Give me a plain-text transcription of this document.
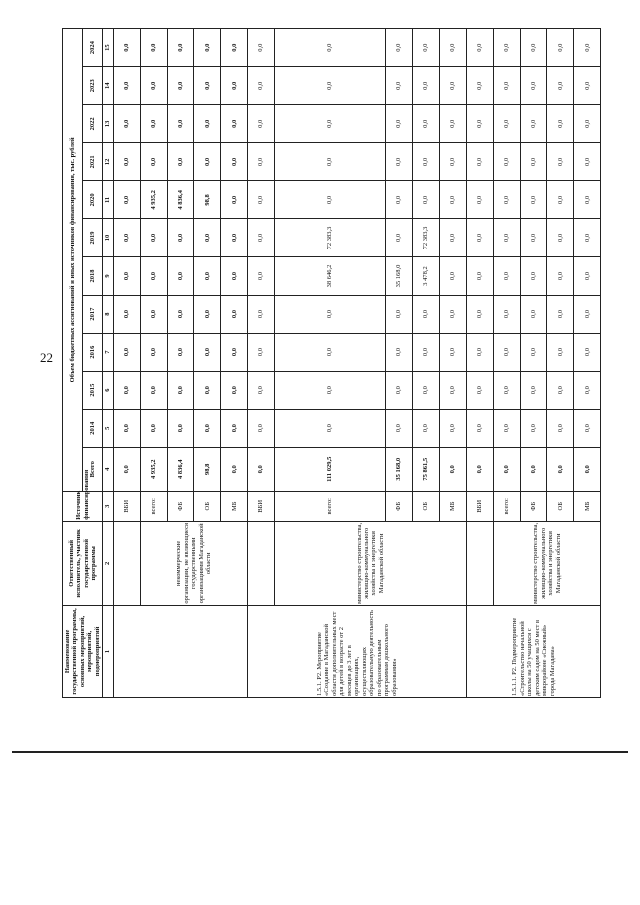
22
Наименование государственной программы, основных мероприятий, мероприятий, подмероприятий	Ответственный исполнитель, участник государственной программы	Источник финансирования	Объем бюджетных ассигнований и иных источников финансирования, тыс. рублей											
			Всего	2014	2015	2016	2017	2018	2019	2020	2021	2022	2023	2024
1	2	3	4	5	6	7	8	9	10	11	12	13	14	15
		ВБИ	0,0	0,0	0,0	0,0	0,0	0,0	0,0	0,0	0,0	0,0	0,0	0,0
	некоммерческие организации, не являющиеся государственными организациями Магаданской области	всего:	4 935,2	0,0	0,0	0,0	0,0	0,0	0,0	4 935,2	0,0	0,0	0,0	0,0
		ФБ	4 836,4	0,0	0,0	0,0	0,0	0,0	0,0	4 836,4	0,0	0,0	0,0	0,0
		ОБ	98,8	0,0	0,0	0,0	0,0	0,0	0,0	98,8	0,0	0,0	0,0	0,0
		МБ	0,0	0,0	0,0	0,0	0,0	0,0	0,0	0,0	0,0	0,0	0,0	0,0
1.5.1. Р2. Мероприятие «Создание в Магаданской области дополнительных мест для детей в возрасте от 2 месяцев до 3 лет в организациях, осуществляющих образовательную деятельность по образовательным программам дошкольного образования»		ВБИ	0,0	0,0	0,0	0,0	0,0	0,0	0,0	0,0	0,0	0,0	0,0	0,0
	министерство строительства, жилищно-коммунального хозяйства и энергетики Магаданской области	всего:	111 029,5	0,0	0,0	0,0	0,0	38 646,2	72 383,3	0,0	0,0	0,0	0,0	0,0
		ФБ	35 168,0	0,0	0,0	0,0	0,0	35 168,0	0,0	0,0	0,0	0,0	0,0	0,0
		ОБ	75 861,5	0,0	0,0	0,0	0,0	3 478,2	72 383,3	0,0	0,0	0,0	0,0	0,0
		МБ	0,0	0,0	0,0	0,0	0,0	0,0	0,0	0,0	0,0	0,0	0,0	0,0
1.5.1.1. Р2. Подмероприятие «Строительство начальной школы на 50 учащихся с детским садом на 50 мест в микрорайоне «Снежный» города Магадана»		ВБИ	0,0	0,0	0,0	0,0	0,0	0,0	0,0	0,0	0,0	0,0	0,0	0,0
	министерство строительства, жилищно-коммунального хозяйства и энергетики Магаданской области	всего:	0,0	0,0	0,0	0,0	0,0	0,0	0,0	0,0	0,0	0,0	0,0	0,0
		ФБ	0,0	0,0	0,0	0,0	0,0	0,0	0,0	0,0	0,0	0,0	0,0	0,0
		ОБ	0,0	0,0	0,0	0,0	0,0	0,0	0,0	0,0	0,0	0,0	0,0	0,0
		МБ	0,0	0,0	0,0	0,0	0,0	0,0	0,0	0,0	0,0	0,0	0,0	0,0
